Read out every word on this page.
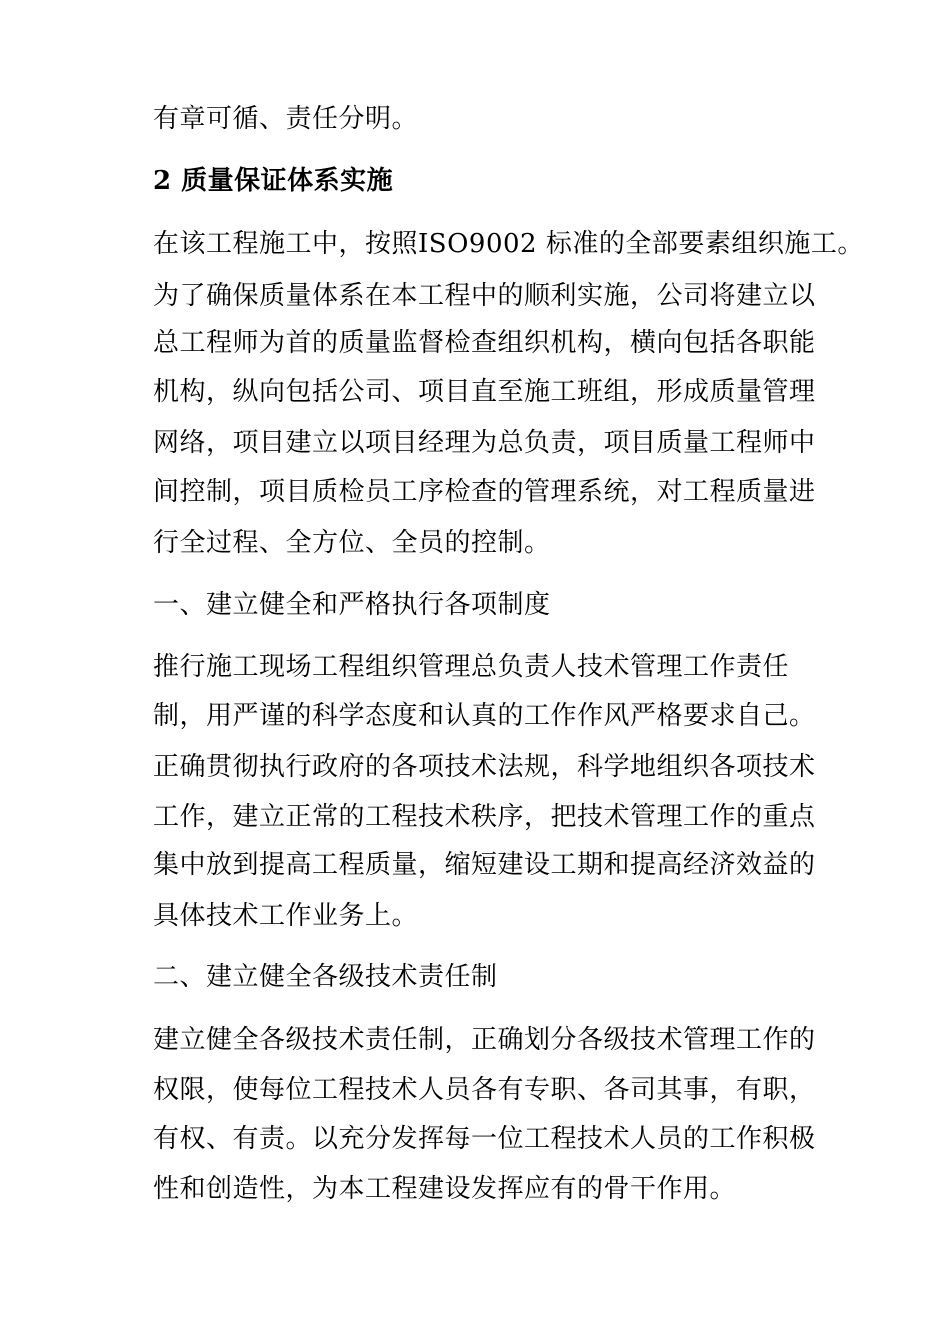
有章可循、责任分明。
2 质量保证体系实施
在该工程施工中，按照ISO9002 标准的全部要素组织施工。
为了确保质量体系在本工程中的顺利实施，公司将建立以
总工程师为首的质量监督检查组织机构，横向包括各职能
机构，纵向包括公司、项目直至施工班组，形成质量管理
网络，项目建立以项目经理为总负责，项目质量工程师中
间控制，项目质检员工序检查的管理系统，对工程质量进
行全过程、全方位、全员的控制。
一、建立健全和严格执行各项制度
推行施工现场工程组织管理总负责人技术管理工作责任
制，用严谨的科学态度和认真的工作作风严格要求自己。
正确贯彻执行政府的各项技术法规，科学地组织各项技术
工作，建立正常的工程技术秩序，把技术管理工作的重点
集中放到提高工程质量，缩短建设工期和提高经济效益的
具体技术工作业务上。
二、建立健全各级技术责任制
建立健全各级技术责任制，正确划分各级技术管理工作的
权限，使每位工程技术人员各有专职、各司其事，有职，
有权、有责。以充分发挥每一位工程技术人员的工作积极
性和创造性，为本工程建设发挥应有的骨干作用。
